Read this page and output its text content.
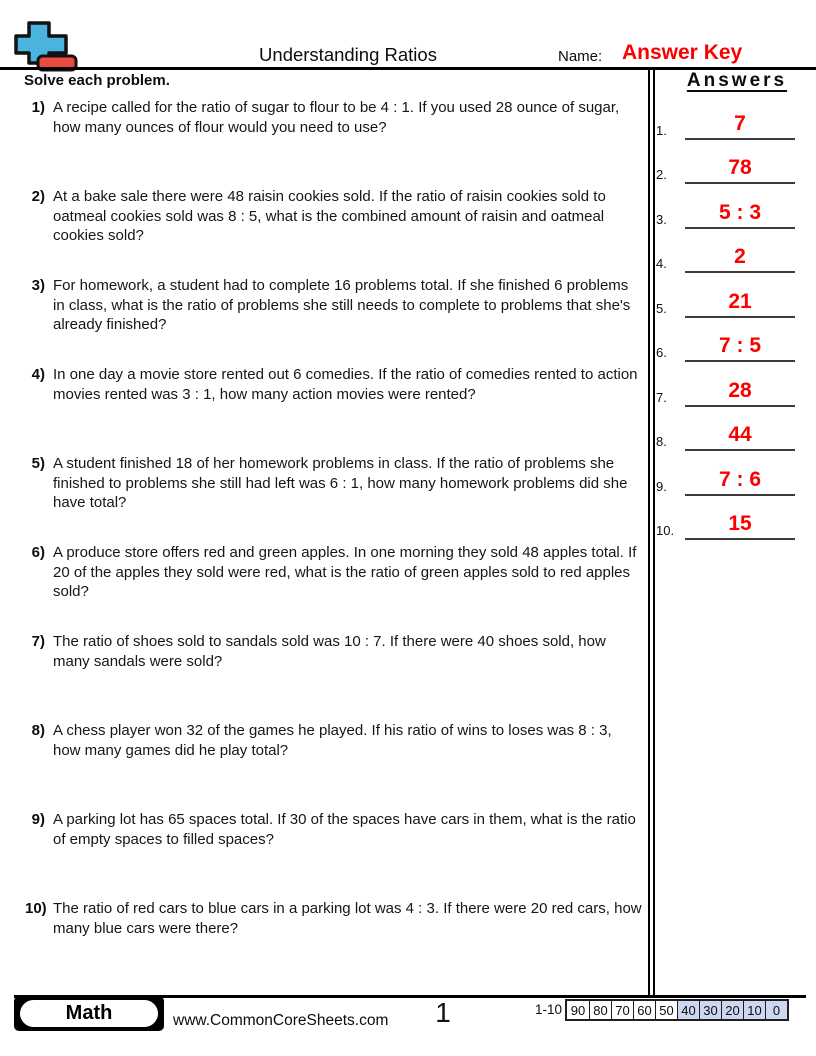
Understanding Ratios	Name: Answer Key
Solve each problem.	Answers
1.	7
2.	78
3.	5 : 3
4.	2
5.	21
6.	7 : 5
7.	28
8.	44
9.	7 : 6
10.	15
1) A recipe called for the ratio of sugar to flour to be 4 : 1. If you used 28 ounce of sugar, how many ounces of flour would you need to use?
2) At a bake sale there were 48 raisin cookies sold. If the ratio of raisin cookies sold to oatmeal cookies sold was 8 : 5, what is the combined amount of raisin and oatmeal cookies sold?
3) For homework, a student had to complete 16 problems total. If she finished 6 problems in class, what is the ratio of problems she still needs to complete to problems that she's already finished?
4) In one day a movie store rented out 6 comedies. If the ratio of comedies rented to action movies rented was 3 : 1, how many action movies were rented?
5) A student finished 18 of her homework problems in class. If the ratio of problems she finished to problems she still had left was 6 : 1, how many homework problems did she have total?
6) A produce store offers red and green apples. In one morning they sold 48 apples total. If 20 of the apples they sold were red, what is the ratio of green apples sold to red apples sold?
7) The ratio of shoes sold to sandals sold was 10 : 7. If there were 40 shoes sold, how many sandals were sold?
8) A chess player won 32 of the games he played. If his ratio of wins to loses was 8 : 3, how many games did he play total?
9) A parking lot has 65 spaces total. If 30 of the spaces have cars in them, what is the ratio of empty spaces to filled spaces?
10) The ratio of red cars to blue cars in a parking lot was 4 : 3. If there were 20 red cars, how many blue cars were there?
Math	www.CommonCoreSheets.com 1	1-10 90 80 70 60 50 40 30 20 10 0
